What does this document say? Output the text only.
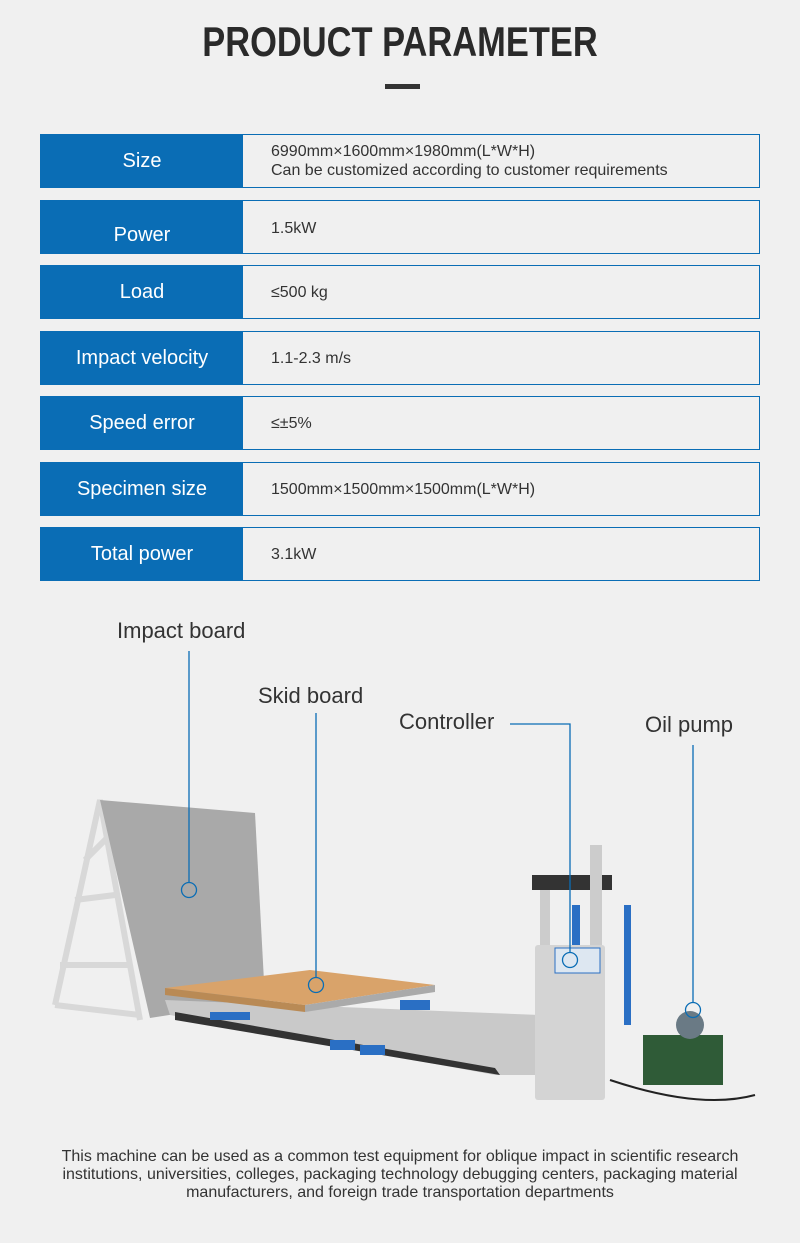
PRODUCT PARAMETER
Size	6990mm×1600mm×1980mm(L*W*H)
Can be customized according to customer requirements
Power	1.5kW
Load	≤500 kg
Impact velocity	1.1-2.3 m/s
Speed error	≤±5%
Specimen size	1500mm×1500mm×1500mm(L*W*H)
Total power	3.1kW
Impact board
Skid board
Controller	Oil pump
This machine can be used as a common test equipment for oblique impact in scientific research institutions, universities, colleges, packaging technology debugging centers, packaging material manufacturers, and foreign trade transportation departments
